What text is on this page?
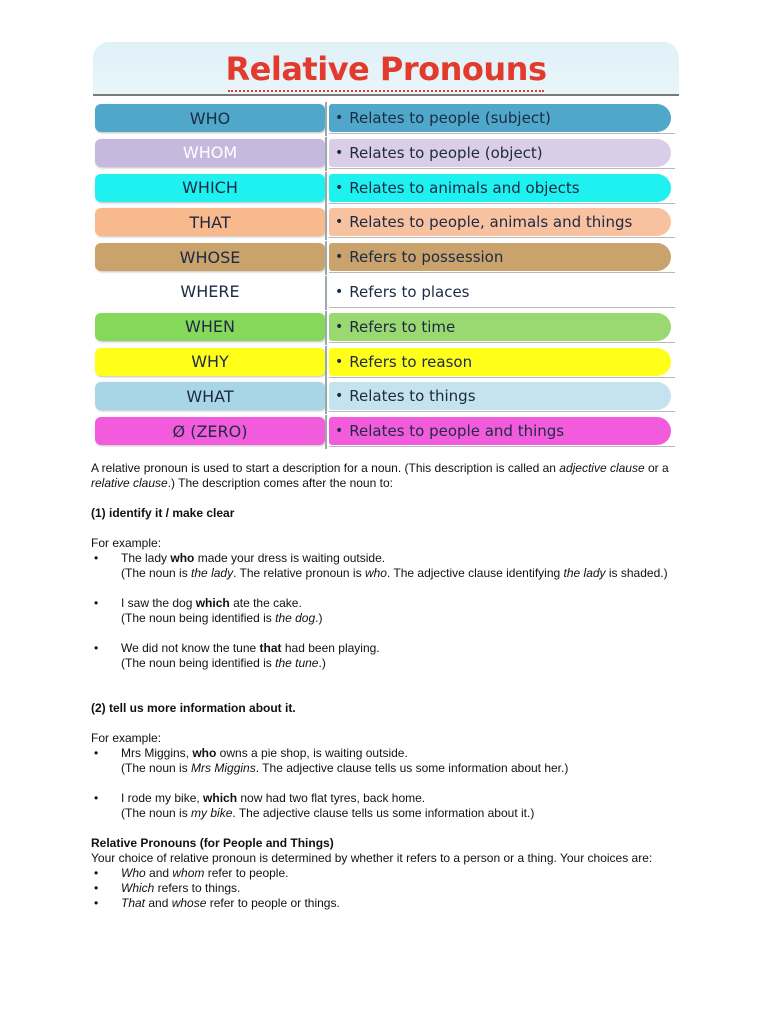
Relative Pronouns
WHO	• Relates to people (subject)
WHOM	• Relates to people (object)
WHICH	• Relates to animals and objects
THAT	• Relates to people, animals and things
WHOSE	• Refers to possession
WHERE	• Refers to places
WHEN	• Refers to time
WHY	• Refers to reason
WHAT	• Relates to things
Ø (ZERO)	• Relates to people and things

A relative pronoun is used to start a description for a noun. (This description is called an adjective clause or a relative clause.) The description comes after the noun to:

(1) identify it / make clear

For example:

• The lady who made your dress is waiting outside.
(The noun is the lady. The relative pronoun is who. The adjective clause identifying the lady is shaded.)
• I saw the dog which ate the cake.
(The noun being identified is the dog.)
• We did not know the tune that had been playing.
(The noun being identified is the tune.)

(2) tell us more information about it.

For example:

• Mrs Miggins, who owns a pie shop, is waiting outside.
(The noun is Mrs Miggins. The adjective clause tells us some information about her.)
• I rode my bike, which now had two flat tyres, back home.
(The noun is my bike. The adjective clause tells us some information about it.)

Relative Pronouns (for People and Things)

Your choice of relative pronoun is determined by whether it refers to a person or a thing. Your choices are:

• Who and whom refer to people.
• Which refers to things.
• That and whose refer to people or things.
